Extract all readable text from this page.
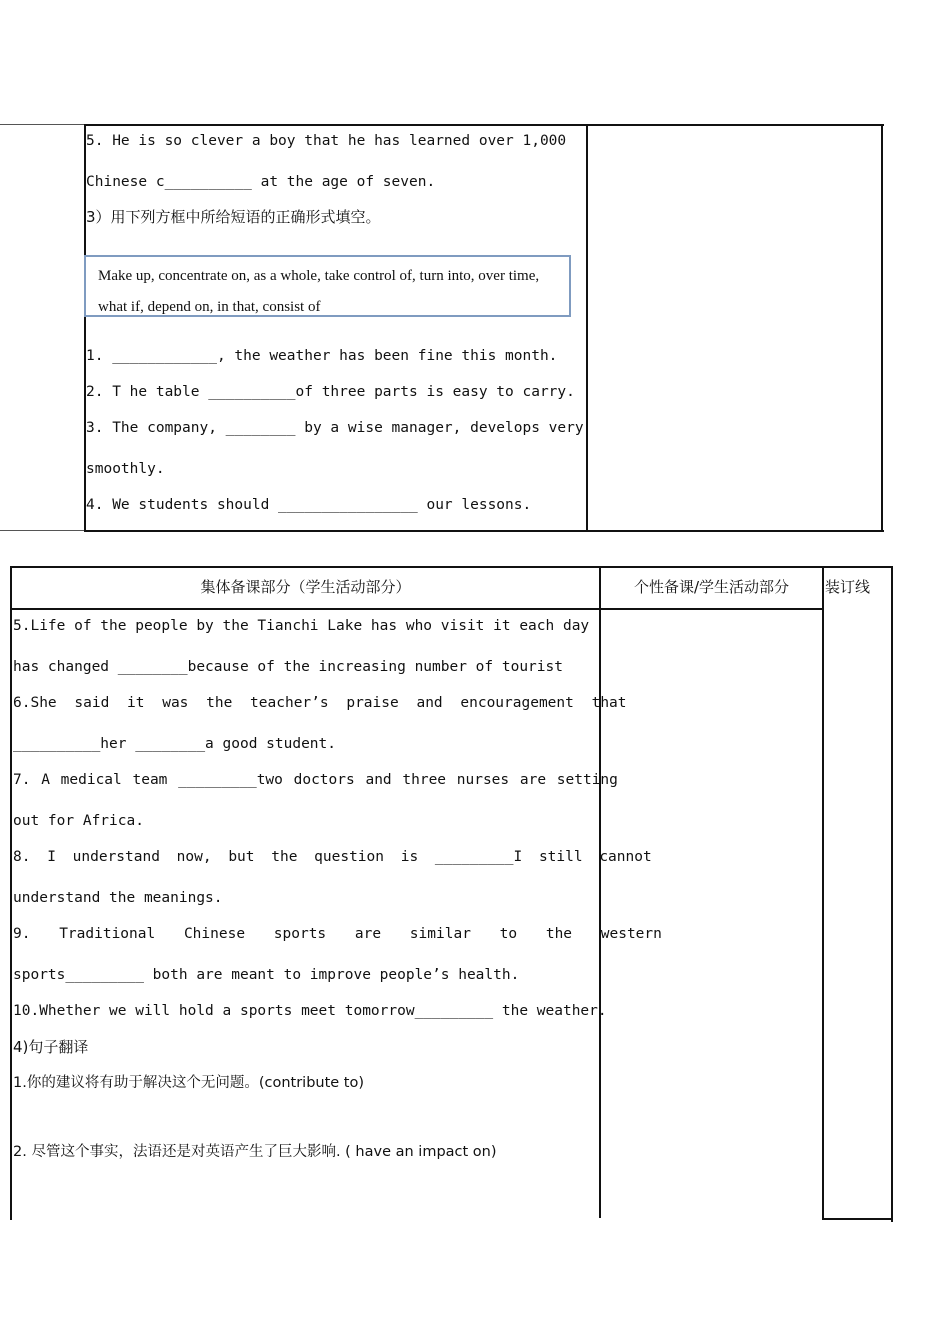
5. He is so clever a boy that he has learned over 1,000
Chinese c__________ at the age of seven.
3）用下列方框中所给短语的正确形式填空。
Make up, concentrate on, as a whole, take control of, turn into, over time, what if, depend on, in that, consist of
1. ____________, the weather has been fine this month.
2. T he table __________of three parts is easy to carry.
3. The company, ________ by a wise manager, develops very
smoothly.
4. We students should ________________ our lessons.
集体备课部分（学生活动部分）	个性备课/学生活动部分	装订线
5.Life of the people by the Tianchi Lake has who visit it each day
has changed ________because of the increasing number of tourist
6.She said it was the teacher’s praise and encouragement that
__________her ________a good student.
7. A medical team _________two doctors and three nurses are setting
out for Africa.
8. I understand now, but the question is _________I still cannot
understand the meanings.
9. Traditional Chinese sports are similar to the western
sports_________ both are meant to improve people’s health.
10.Whether we will hold a sports meet tomorrow_________ the weather.
4)句子翻译
1.你的建议将有助于解决这个无问题。(contribute to)
2. 尽管这个事实，法语还是对英语产生了巨大影响. ( have an impact on)
